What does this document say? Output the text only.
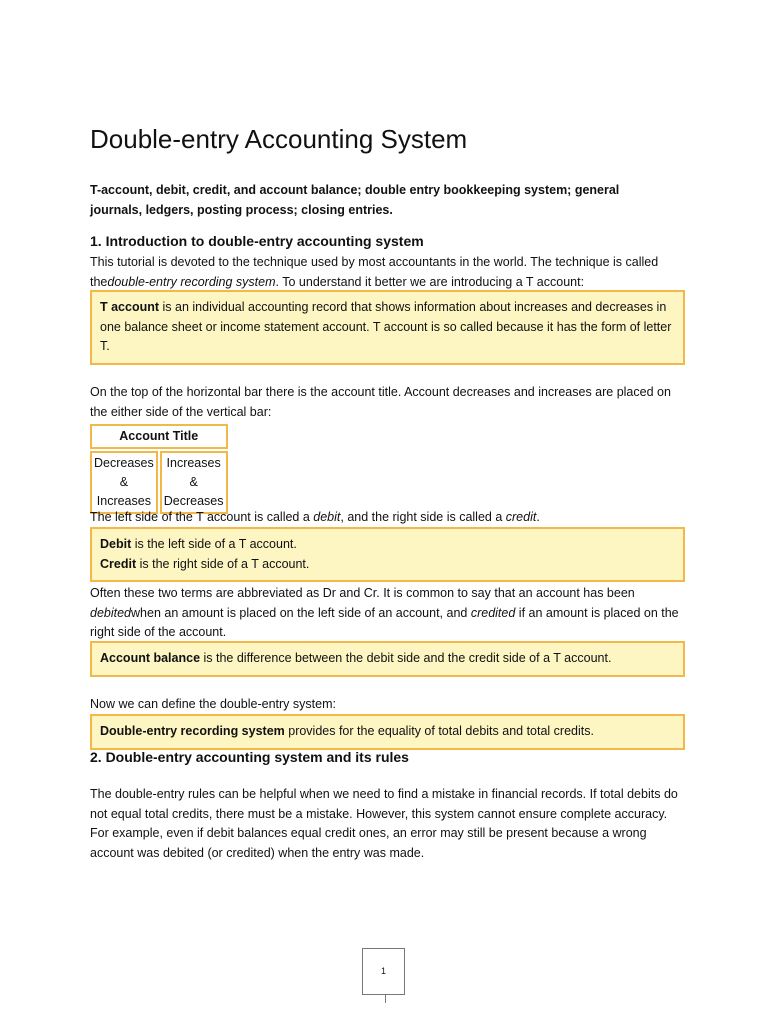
Double-entry Accounting System
T-account, debit, credit, and account balance; double entry bookkeeping system; general journals, ledgers, posting process; closing entries.
1. Introduction to double-entry accounting system
This tutorial is devoted to the technique used by most accountants in the world. The technique is called thedouble-entry recording system. To understand it better we are introducing a T account:
T account is an individual accounting record that shows information about increases and decreases in one balance sheet or income statement account. T account is so called because it has the form of letter T.
On the top of the horizontal bar there is the account title. Account decreases and increases are placed on the either side of the vertical bar:
Account Title

Decreases
&
Increases

Increases
&
Decreases
The left side of the T account is called a debit, and the right side is called a credit.
Debit is the left side of a T account.
Credit is the right side of a T account.
Often these two terms are abbreviated as Dr and Cr. It is common to say that an account has been debitedwhen an amount is placed on the left side of an account, and credited if an amount is placed on the right side of the account.
Account balance is the difference between the debit side and the credit side of a T account.
Now we can define the double-entry system:
Double-entry recording system provides for the equality of total debits and total credits.
2. Double-entry accounting system and its rules
The double-entry rules can be helpful when we need to find a mistake in financial records. If total debits do not equal total credits, there must be a mistake. However, this system cannot ensure complete accuracy. For example, even if debit balances equal credit ones, an error may still be present because a wrong account was debited (or credited) when the entry was made.
1
